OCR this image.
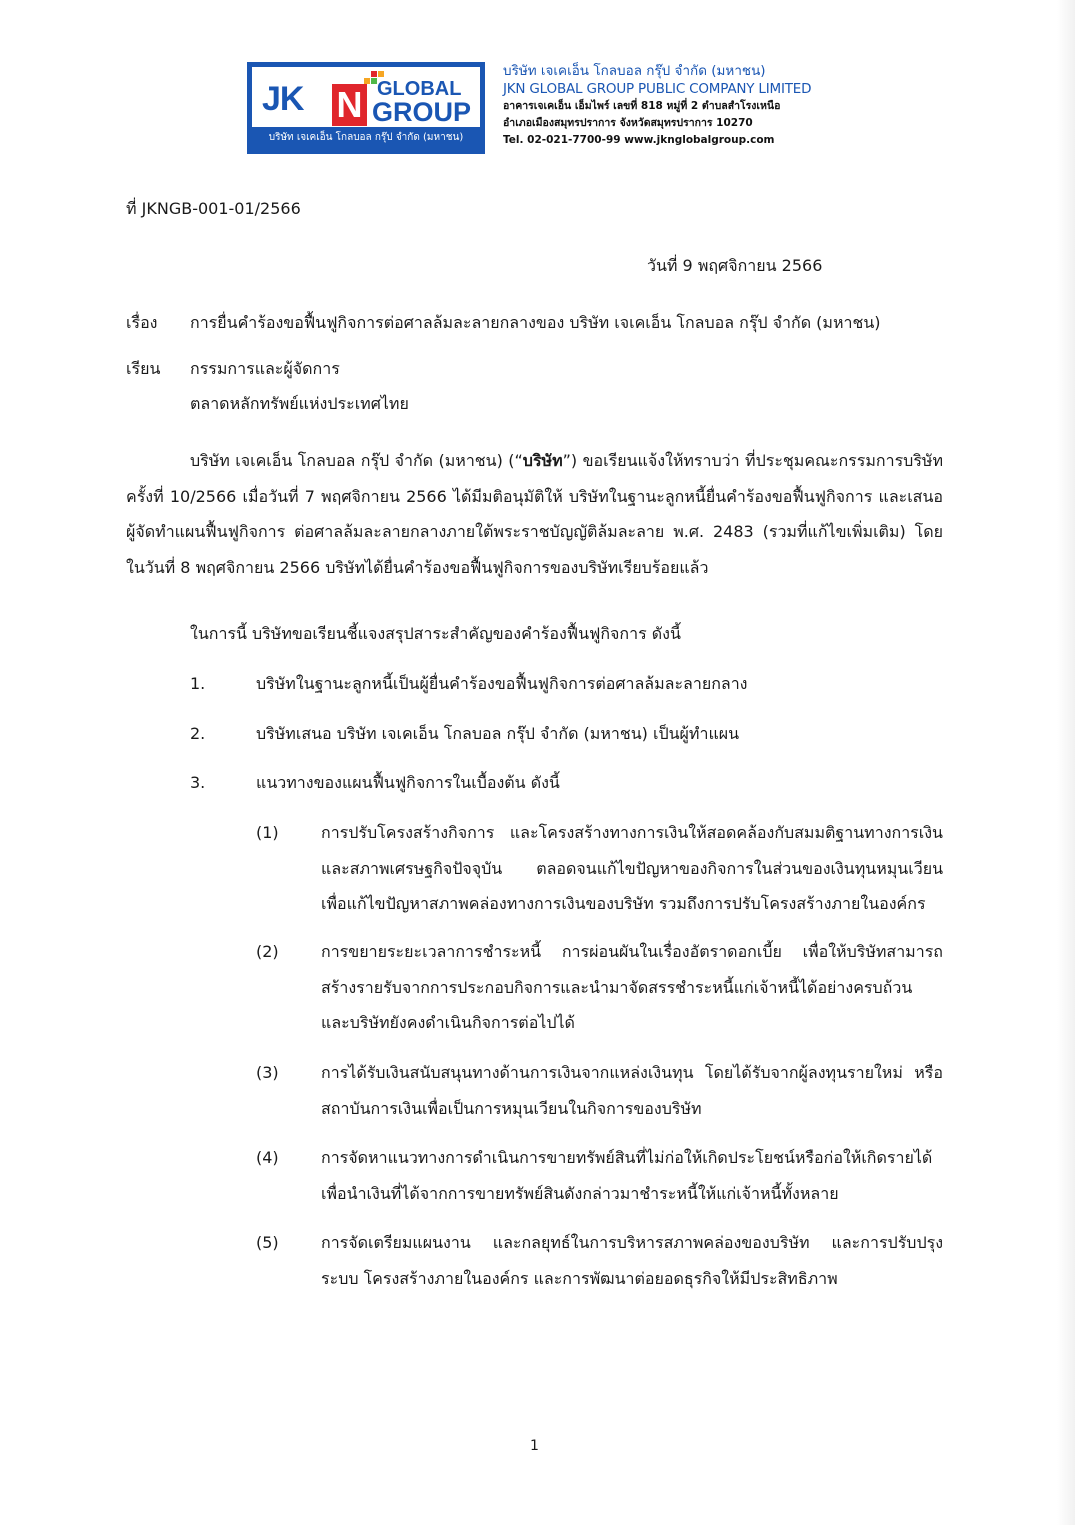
JK N GLOBAL
GROUP
บริษัท เจเคเอ็น โกลบอล กรุ๊ป จำกัด (มหาชน)
บริษัท เจเคเอ็น โกลบอล กรุ๊ป จำกัด (มหาชน)
JKN GLOBAL GROUP PUBLIC COMPANY LIMITED
อาคารเจเคเอ็น เอ็มไพร์ เลขที่ 818 หมู่ที่ 2 ตำบลสำโรงเหนือ
อำเภอเมืองสมุทรปราการ จังหวัดสมุทรปราการ 10270
Tel. 02-021-7700-99 www.jknglobalgroup.com
ที่ JKNGB-001-01/2566
วันที่ 9 พฤศจิกายน 2566
เรื่อง การยื่นคำร้องขอฟื้นฟูกิจการต่อศาลล้มละลายกลางของ บริษัท เจเคเอ็น โกลบอล กรุ๊ป จำกัด (มหาชน)
เรียน กรรมการและผู้จัดการ
ตลาดหลักทรัพย์แห่งประเทศไทย
บริษัท เจเคเอ็น โกลบอล กรุ๊ป จำกัด (มหาชน) (“บริษัท”) ขอเรียนแจ้งให้ทราบว่า ที่ประชุมคณะกรรมการบริษัท
ครั้งที่ 10/2566 เมื่อวันที่ 7 พฤศจิกายน 2566 ได้มีมติอนุมัติให้ บริษัทในฐานะลูกหนี้ยื่นคำร้องขอฟื้นฟูกิจการ และเสนอ
ผู้จัดทำแผนฟื้นฟูกิจการ ต่อศาลล้มละลายกลางภายใต้พระราชบัญญัติล้มละลาย พ.ศ. 2483 (รวมที่แก้ไขเพิ่มเติม) โดย
ในวันที่ 8 พฤศจิกายน 2566 บริษัทได้ยื่นคำร้องขอฟื้นฟูกิจการของบริษัทเรียบร้อยแล้ว
ในการนี้ บริษัทขอเรียนชี้แจงสรุปสาระสำคัญของคำร้องฟื้นฟูกิจการ ดังนี้
1.	บริษัทในฐานะลูกหนี้เป็นผู้ยื่นคำร้องขอฟื้นฟูกิจการต่อศาลล้มละลายกลาง
2.	บริษัทเสนอ บริษัท เจเคเอ็น โกลบอล กรุ๊ป จำกัด (มหาชน) เป็นผู้ทำแผน
3.	แนวทางของแผนฟื้นฟูกิจการในเบื้องต้น ดังนี้
(1)	การปรับโครงสร้างกิจการ และโครงสร้างทางการเงินให้สอดคล้องกับสมมติฐานทางการเงิน
และสภาพเศรษฐกิจปัจจุบัน ตลอดจนแก้ไขปัญหาของกิจการในส่วนของเงินทุนหมุนเวียน
เพื่อแก้ไขปัญหาสภาพคล่องทางการเงินของบริษัท รวมถึงการปรับโครงสร้างภายในองค์กร
(2)	การขยายระยะเวลาการชำระหนี้ การผ่อนผันในเรื่องอัตราดอกเบี้ย เพื่อให้บริษัทสามารถ
สร้างรายรับจากการประกอบกิจการและนำมาจัดสรรชำระหนี้แก่เจ้าหนี้ได้อย่างครบถ้วน
และบริษัทยังคงดำเนินกิจการต่อไปได้
(3)	การได้รับเงินสนับสนุนทางด้านการเงินจากแหล่งเงินทุน โดยได้รับจากผู้ลงทุนรายใหม่ หรือ
สถาบันการเงินเพื่อเป็นการหมุนเวียนในกิจการของบริษัท
(4)	การจัดหาแนวทางการดำเนินการขายทรัพย์สินที่ไม่ก่อให้เกิดประโยชน์หรือก่อให้เกิดรายได้
เพื่อนำเงินที่ได้จากการขายทรัพย์สินดังกล่าวมาชำระหนี้ให้แก่เจ้าหนี้ทั้งหลาย
(5)	การจัดเตรียมแผนงาน และกลยุทธ์ในการบริหารสภาพคล่องของบริษัท และการปรับปรุง
ระบบ โครงสร้างภายในองค์กร และการพัฒนาต่อยอดธุรกิจให้มีประสิทธิภาพ
1
